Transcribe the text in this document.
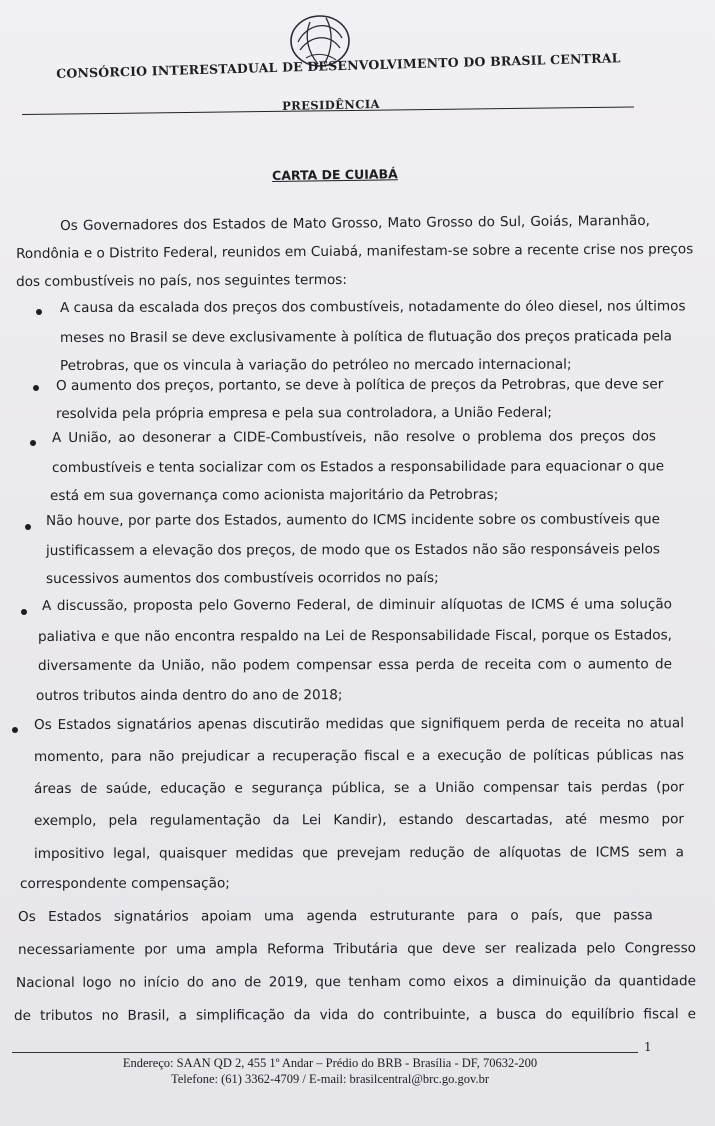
CONSÓRCIO INTERESTADUAL DE DESENVOLVIMENTO DO BRASIL CENTRAL
PRESIDÊNCIA
CARTA DE CUIABÁ
Os Governadores dos Estados de Mato Grosso, Mato Grosso do Sul, Goiás, Maranhão,
Rondônia e o Distrito Federal, reunidos em Cuiabá, manifestam-se sobre a recente crise nos preços
dos combustíveis no país, nos seguintes termos:
A causa da escalada dos preços dos combustíveis, notadamente do óleo diesel, nos últimos
meses no Brasil se deve exclusivamente à política de flutuação dos preços praticada pela
Petrobras, que os vincula à variação do petróleo no mercado internacional;
O aumento dos preços, portanto, se deve à política de preços da Petrobras, que deve ser
resolvida pela própria empresa e pela sua controladora, a União Federal;
A União, ao desonerar a CIDE-Combustíveis, não resolve o problema dos preços dos
combustíveis e tenta socializar com os Estados a responsabilidade para equacionar o que
está em sua governança como acionista majoritário da Petrobras;
Não houve, por parte dos Estados, aumento do ICMS incidente sobre os combustíveis que
justificassem a elevação dos preços, de modo que os Estados não são responsáveis pelos
sucessivos aumentos dos combustíveis ocorridos no país;
A discussão, proposta pelo Governo Federal, de diminuir alíquotas de ICMS é uma solução
paliativa e que não encontra respaldo na Lei de Responsabilidade Fiscal, porque os Estados,
diversamente da União, não podem compensar essa perda de receita com o aumento de
outros tributos ainda dentro do ano de 2018;
Os Estados signatários apenas discutirão medidas que signifiquem perda de receita no atual
momento, para não prejudicar a recuperação fiscal e a execução de políticas públicas nas
áreas de saúde, educação e segurança pública, se a União compensar tais perdas (por
exemplo, pela regulamentação da Lei Kandir), estando descartadas, até mesmo por
impositivo legal, quaisquer medidas que prevejam redução de alíquotas de ICMS sem a
correspondente compensação;
Os Estados signatários apoiam uma agenda estruturante para o país, que passa
necessariamente por uma ampla Reforma Tributária que deve ser realizada pelo Congresso
Nacional logo no início do ano de 2019, que tenham como eixos a diminuição da quantidade
de tributos no Brasil, a simplificação da vida do contribuinte, a busca do equilíbrio fiscal e
1
Endereço: SAAN QD 2, 455 1º Andar – Prédio do BRB - Brasília - DF, 70632-200
Telefone: (61) 3362-4709 / E-mail: brasilcentral@brc.go.gov.br
